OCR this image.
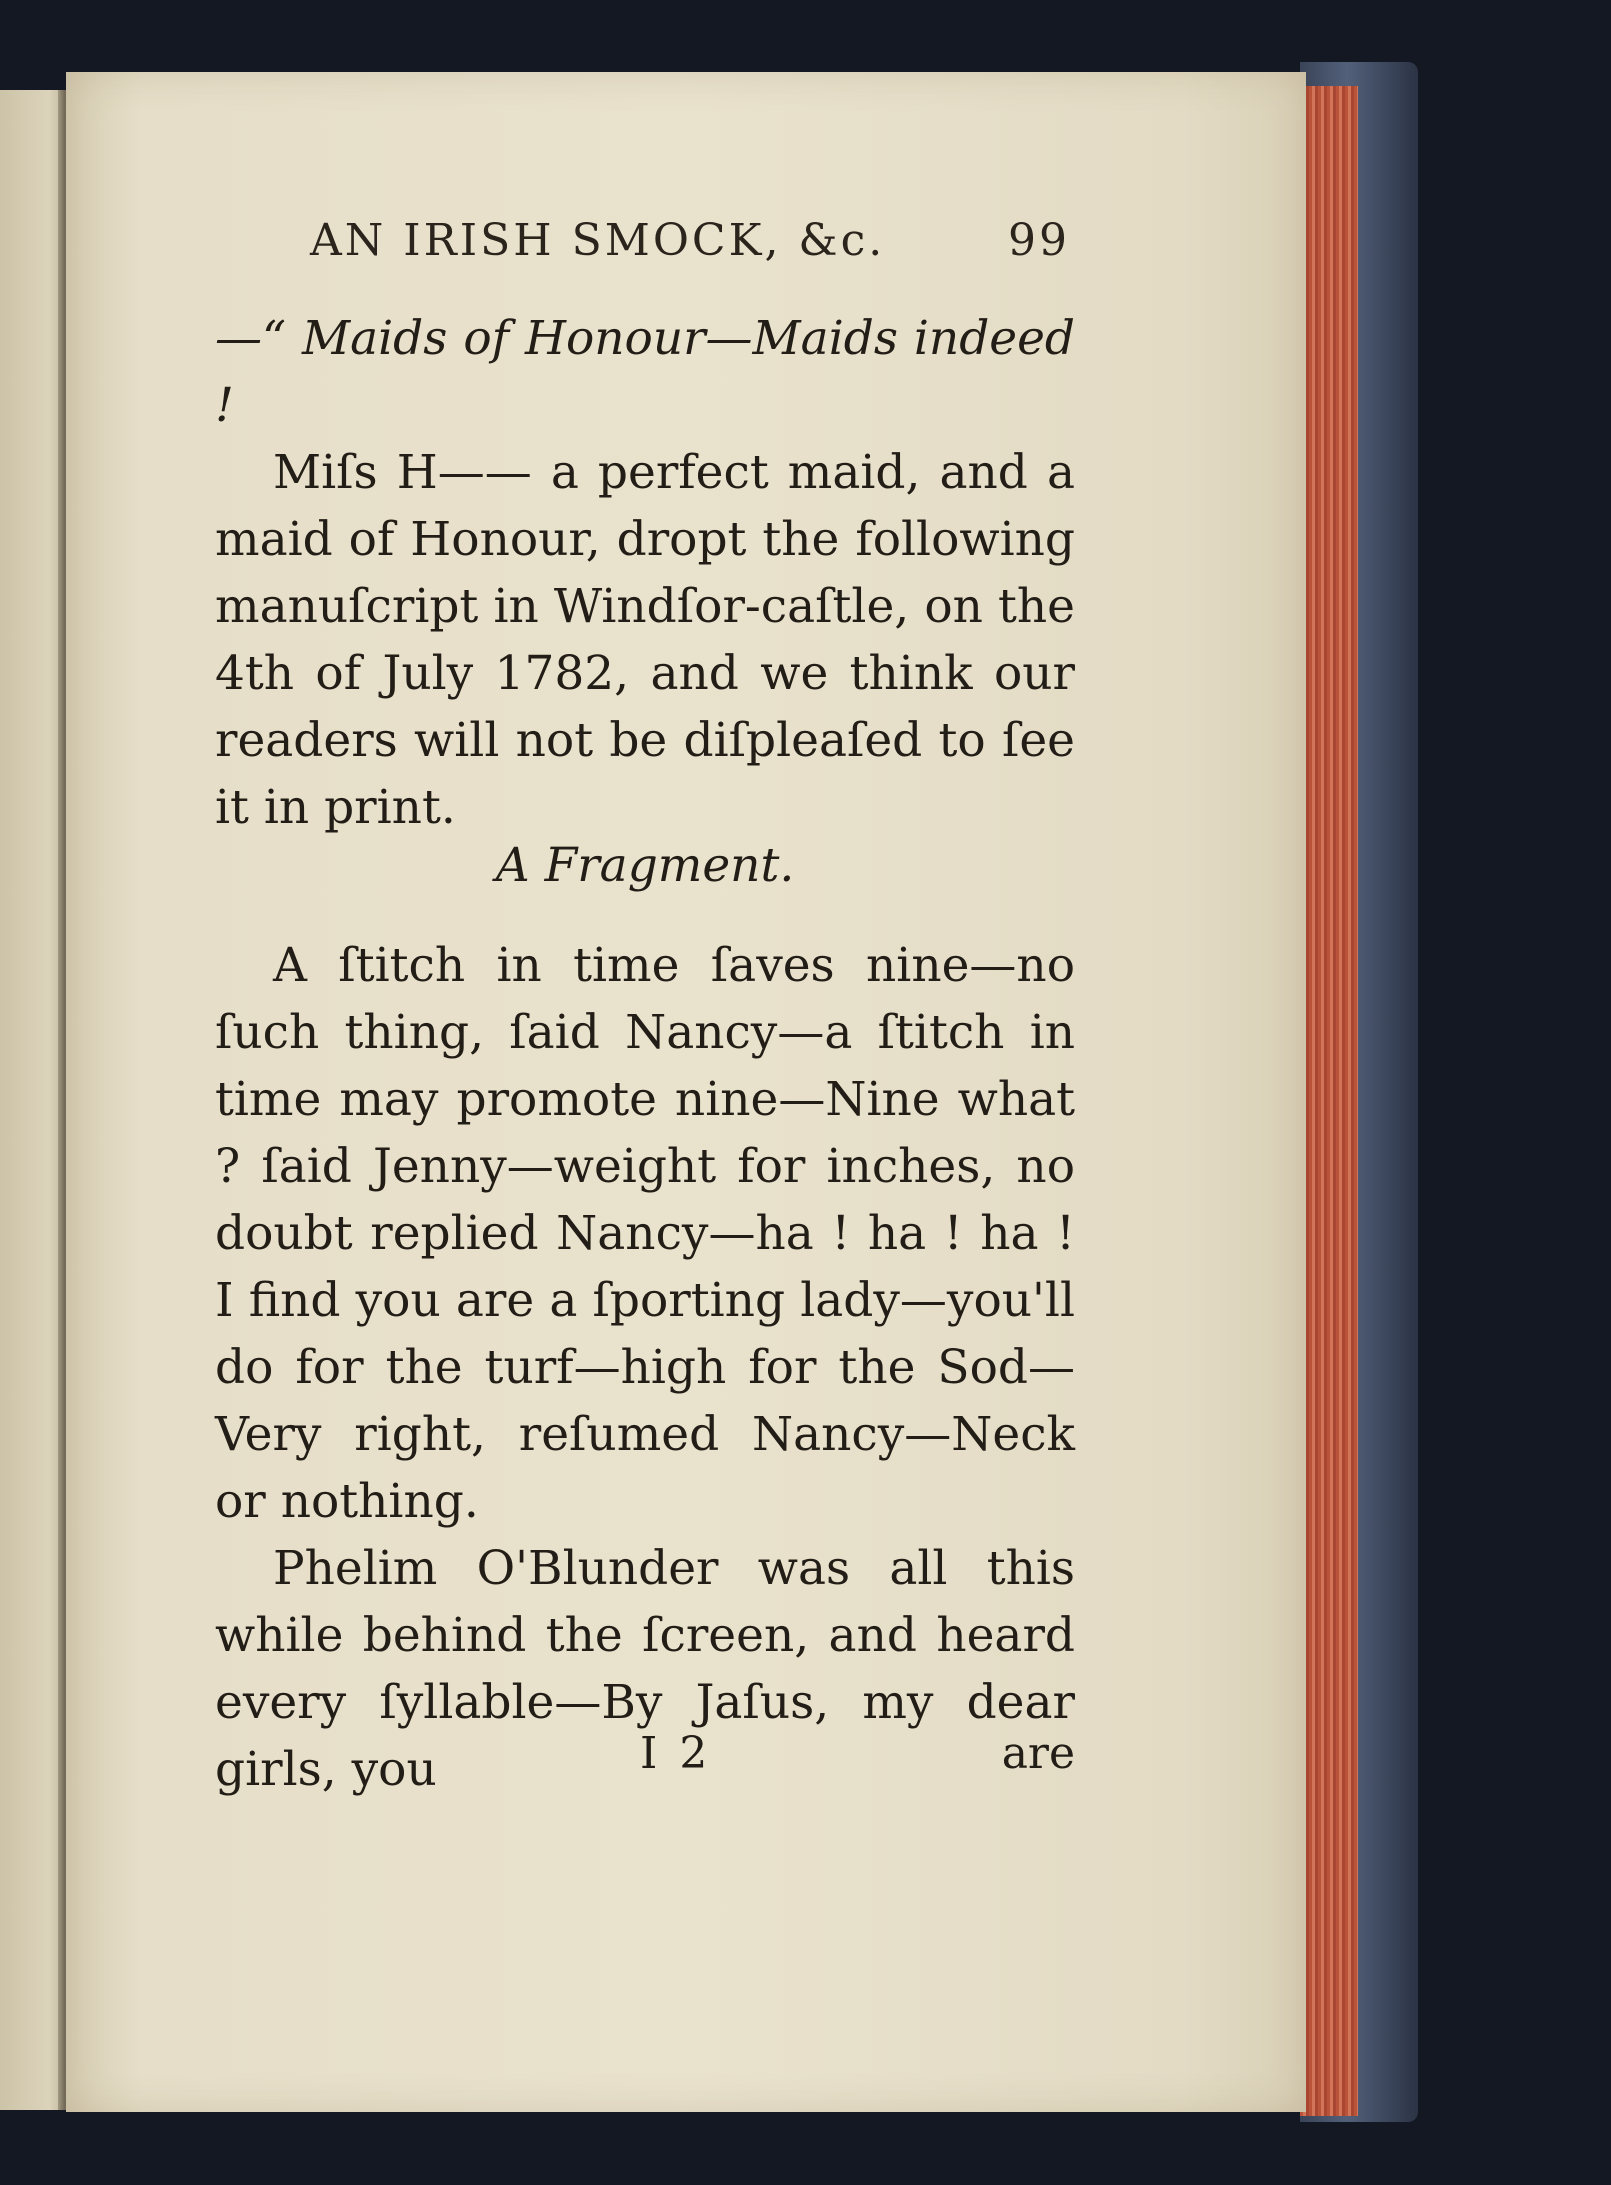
AN IRISH SMOCK, &c.	99

—“ Maids of Honour—Maids indeed !

Miſs H—— a perfect maid, and a maid of Honour, dropt the following manuſcript in Windſor-caſtle, on the 4th of July 1782, and we think our readers will not be diſpleaſed to ſee it in print.

A Fragment.

A ſtitch in time ſaves nine—no ſuch thing, ſaid Nancy—a ſtitch in time may promote nine—Nine what ? ſaid Jenny—weight for inches, no doubt replied Nancy—ha ! ha ! ha ! I find you are a ſporting lady—you'll do for the turf—high for the Sod— Very right, reſumed Nancy—Neck or nothing.

Phelim O'Blunder was all this while behind the ſcreen, and heard every ſyllable—By Jaſus, my dear girls, you	I 2	are
